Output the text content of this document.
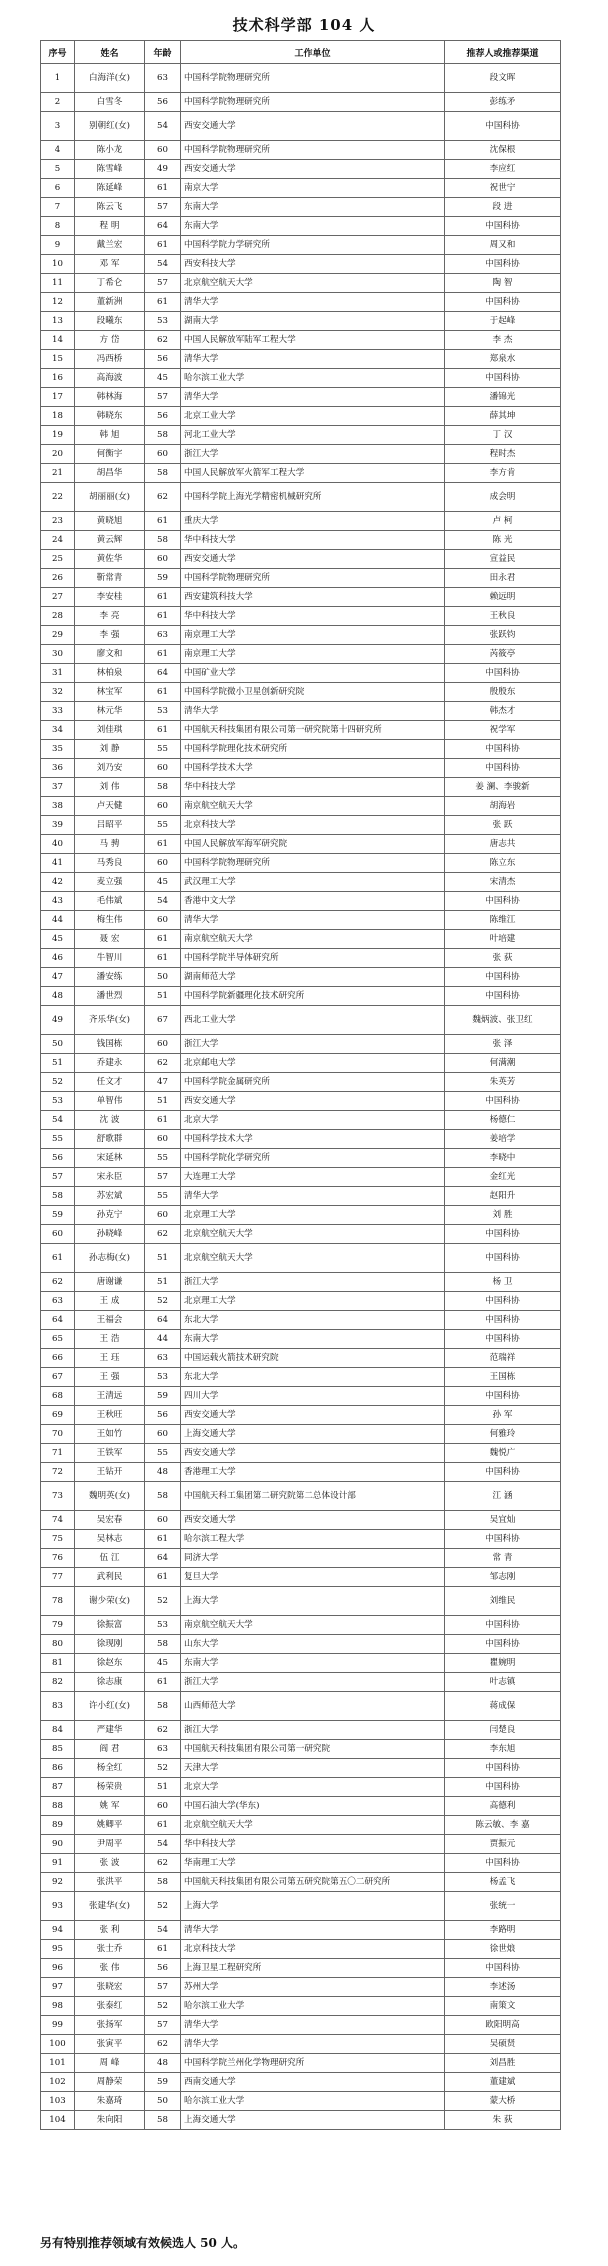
技术科学部 104 人
序号	姓名	年龄	工作单位	推荐人或推荐渠道
1	白海洋(女)	63	中国科学院物理研究所	段文晖
2	白雪冬	56	中国科学院物理研究所	彭练矛
3	别朝红(女)	54	西安交通大学	中国科协
4	陈小龙	60	中国科学院物理研究所	沈保根
5	陈雪峰	49	西安交通大学	李应红
6	陈延峰	61	南京大学	祝世宁
7	陈云飞	57	东南大学	段 进
8	程 明	64	东南大学	中国科协
9	戴兰宏	61	中国科学院力学研究所	周又和
10	邓 军	54	西安科技大学	中国科协
11	丁希仑	57	北京航空航天大学	陶 智
12	董新洲	61	清华大学	中国科协
13	段曦东	53	湖南大学	于起峰
14	方 岱	62	中国人民解放军陆军工程大学	李 杰
15	冯西桥	56	清华大学	郑泉水
16	高海波	45	哈尔滨工业大学	中国科协
17	韩林海	57	清华大学	潘锦光
18	韩晓东	56	北京工业大学	薛其坤
19	韩 旭	58	河北工业大学	丁 汉
20	何衡宇	60	浙江大学	程时杰
21	胡昌华	58	中国人民解放军火箭军工程大学	李方肯
22	胡丽丽(女)	62	中国科学院上海光学精密机械研究所	成会明
23	黄晓旭	61	重庆大学	卢 柯
24	黄云辉	58	华中科技大学	陈 光
25	黄佐华	60	西安交通大学	宣益民
26	靳常青	59	中国科学院物理研究所	田永君
27	李安桂	61	西安建筑科技大学	赖远明
28	李 亮	61	华中科技大学	王秋良
29	李 强	63	南京理工大学	张跃钧
30	廖文和	61	南京理工大学	芮筱亭
31	林柏泉	64	中国矿业大学	中国科协
32	林宝军	61	中国科学院微小卫星创新研究院	殷殷东
33	林元华	53	清华大学	韩杰才
34	刘佳琪	61	中国航天科技集团有限公司第一研究院第十四研究所	祝学军
35	刘 静	55	中国科学院理化技术研究所	中国科协
36	刘乃安	60	中国科学技术大学	中国科协
37	刘 伟	58	华中科技大学	姜 澜、李骏新
38	卢天健	60	南京航空航天大学	胡海岩
39	吕昭平	55	北京科技大学	张 跃
40	马 骋	61	中国人民解放军海军研究院	唐志共
41	马秀良	60	中国科学院物理研究所	陈立东
42	麦立强	45	武汉理工大学	宋清杰
43	毛伟斌	54	香港中文大学	中国科协
44	梅生伟	60	清华大学	陈维江
45	聂 宏	61	南京航空航天大学	叶培建
46	牛智川	61	中国科学院半导体研究所	张 荻
47	潘安练	50	湖南师范大学	中国科协
48	潘世烈	51	中国科学院新疆理化技术研究所	中国科协
49	齐乐华(女)	67	西北工业大学	魏炳波、张卫红
50	钱国栋	60	浙江大学	张 泽
51	乔建永	62	北京邮电大学	何满潮
52	任文才	47	中国科学院金属研究所	朱英芳
53	单智伟	51	西安交通大学	中国科协
54	沈 波	61	北京大学	杨德仁
55	舒歌群	60	中国科学技术大学	姜培学
56	宋延林	55	中国科学院化学研究所	李晓中
57	宋永臣	57	大连理工大学	金红光
58	苏宏斌	55	清华大学	赵阳升
59	孙克宁	60	北京理工大学	刘 胜
60	孙晓峰	62	北京航空航天大学	中国科协
61	孙志梅(女)	51	北京航空航天大学	中国科协
62	唐谢谦	51	浙江大学	杨 卫
63	王 成	52	北京理工大学	中国科协
64	王福会	64	东北大学	中国科协
65	王 浩	44	东南大学	中国科协
66	王 珏	63	中国运载火箭技术研究院	范瑞祥
67	王 强	53	东北大学	王国栋
68	王清远	59	四川大学	中国科协
69	王秋旺	56	西安交通大学	孙 军
70	王如竹	60	上海交通大学	何雅玲
71	王铁军	55	西安交通大学	魏悦广
72	王钻开	48	香港理工大学	中国科协
73	魏明英(女)	58	中国航天科工集团第二研究院第二总体设计部	江 涵
74	吴宏春	60	西安交通大学	吴宜灿
75	吴林志	61	哈尔滨工程大学	中国科协
76	伍 江	64	同济大学	常 青
77	武利民	61	复旦大学	邹志刚
78	谢少荣(女)	52	上海大学	刘维民
79	徐振富	53	南京航空航天大学	中国科协
80	徐现刚	58	山东大学	中国科协
81	徐赵东	45	东南大学	瞿婉明
82	徐志康	61	浙江大学	叶志镇
83	许小红(女)	58	山西师范大学	蒋成保
84	严建华	62	浙江大学	闫楚良
85	阎 君	63	中国航天科技集团有限公司第一研究院	李东旭
86	杨全红	52	天津大学	中国科协
87	杨荣贵	51	北京大学	中国科协
88	姚 军	60	中国石油大学(华东)	高德利
89	姚卿平	61	北京航空航天大学	陈云敏、李 嘉
90	尹周平	54	华中科技大学	贾振元
91	张 波	62	华南理工大学	中国科协
92	张洪平	58	中国航天科技集团有限公司第五研究院第五〇二研究所	杨孟飞
93	张建华(女)	52	上海大学	张统一
94	张 利	54	清华大学	李路明
95	张士乔	61	北京科技大学	徐世烺
96	张 伟	56	上海卫星工程研究所	中国科协
97	张晓宏	57	苏州大学	李述汤
98	张泰红	52	哈尔滨工业大学	南策文
99	张扬军	57	清华大学	欧阳明高
100	张寅平	62	清华大学	吴硕贤
101	周 峰	48	中国科学院兰州化学物理研究所	刘昌胜
102	周静荣	59	西南交通大学	董建斌
103	朱嘉琦	50	哈尔滨工业大学	蒙大桥
104	朱向阳	58	上海交通大学	朱 荻
另有特别推荐领域有效候选人 50 人。
